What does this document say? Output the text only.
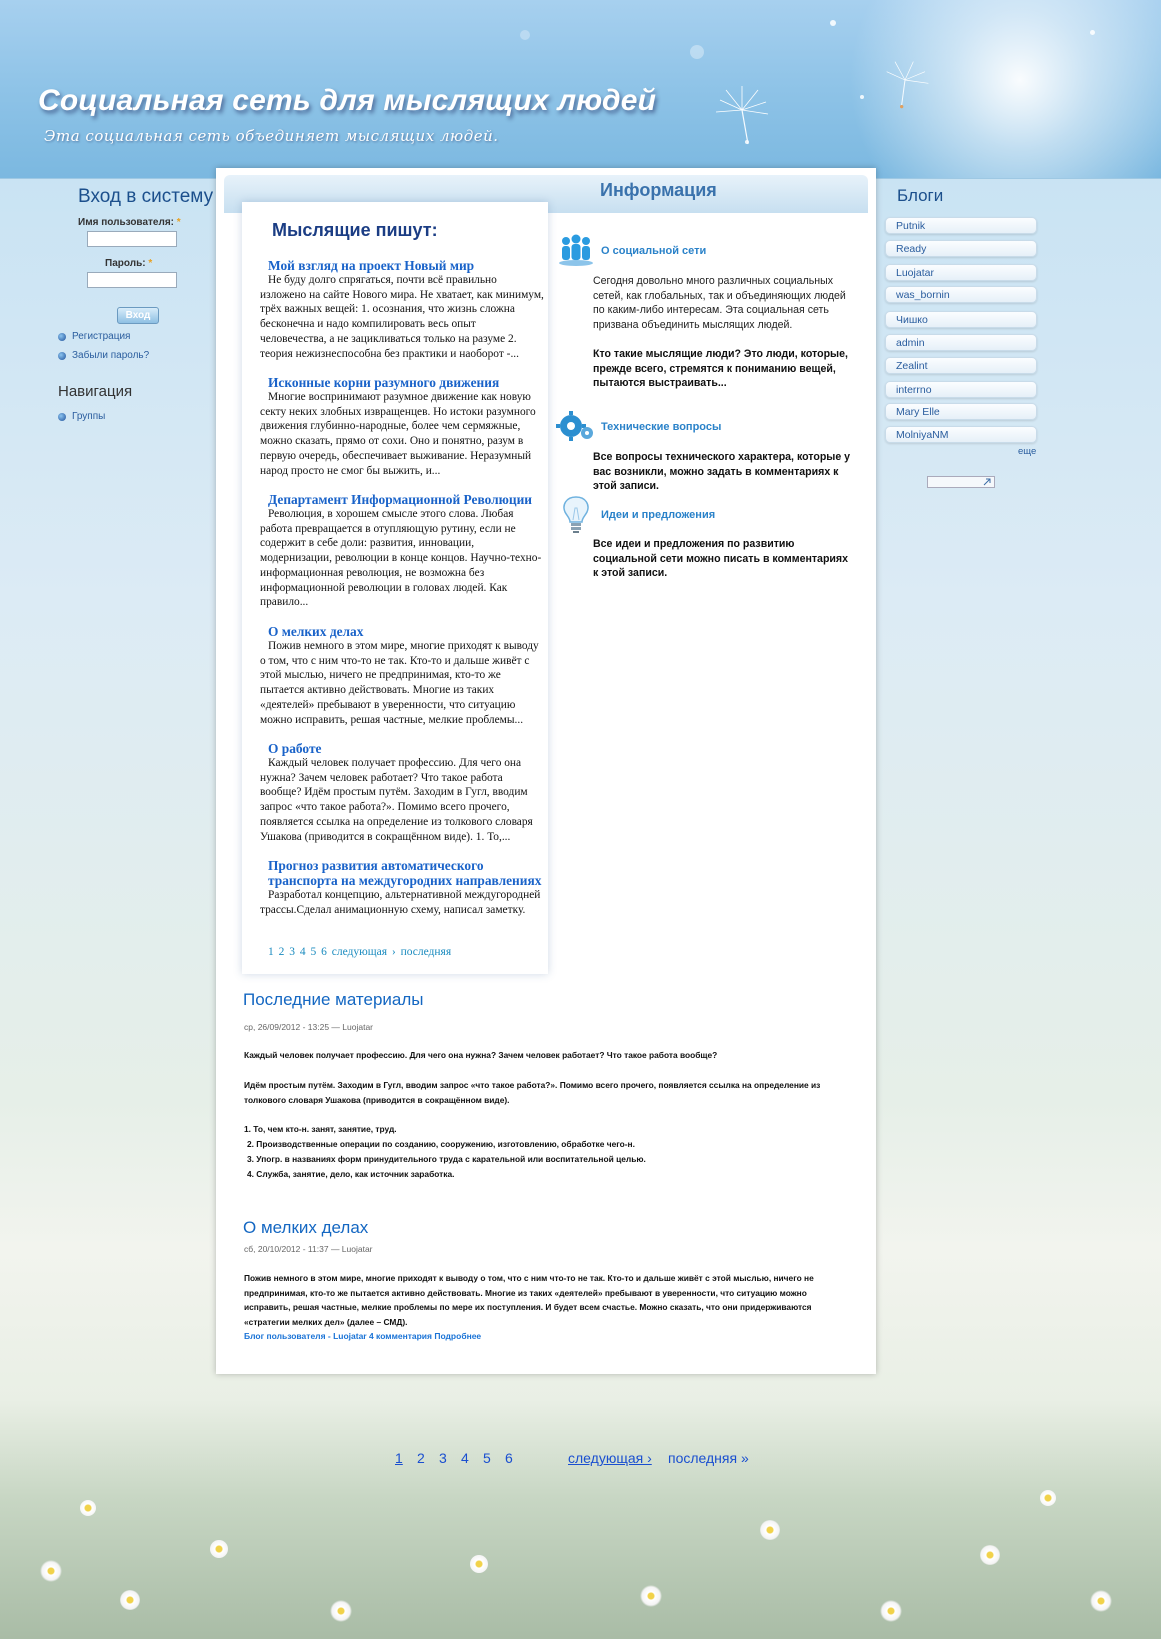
Социальная сеть для мыслящих людей
Эта социальная сеть объединяет мыслящих людей.
Вход в систему
Имя пользователя: *
Пароль: *
Вход
Регистрация
Забыли пароль?
Навигация
Группы
Информация
Мыслящие пишут:
Мой взгляд на проект Новый мир
Не буду долго спрягаться, почти всё правильно изложено на сайте Нового мира. Не хватает, как минимум, трёх важных вещей: 1. осознания, что жизнь сложна бесконечна и надо компилировать весь опыт человечества, а не зацикливаться только на разуме 2. теория нежизнеспособна без практики и наоборот -...
Исконные корни разумного движения
Многие воспринимают разумное движение как новую секту неких злобных извращенцев. Но истоки разумного движения глубинно-народные, более чем сермяжные, можно сказать, прямо от сохи. Оно и понятно, разум в первую очередь, обеспечивает выживание. Неразумный народ просто не смог бы выжить, и...
Департамент Информационной Революции
Революция, в хорошем смысле этого слова. Любая работа превращается в отупляющую рутину, если не содержит в себе доли: развития, инновации, модернизации, революции в конце концов. Научно-техно-информационная революция, не возможна без информационной революции в головах людей. Как правило...
О мелких делах
Пожив немного в этом мире, многие приходят к выводу о том, что с ним что-то не так. Кто-то и дальше живёт с этой мыслью, ничего не предпринимая, кто-то же пытается активно действовать. Многие из таких «деятелей» пребывают в уверенности, что ситуацию можно исправить, решая частные, мелкие проблемы...
О работе
Каждый человек получает профессию. Для чего она нужна? Зачем человек работает? Что такое работа вообще? Идём простым путём. Заходим в Гугл, вводим запрос «что такое работа?». Помимо всего прочего, появляется ссылка на определение из толкового словаря Ушакова (приводится в сокращённом виде). 1. То,...
Прогноз развития автоматического транспорта на междугородних направлениях
Разработал концепцию, альтернативной междугородней трассы.Сделал анимационную схему, написал заметку.
1 2 3 4 5 6 следующая › последняя
О социальной сети
Сегодня довольно много различных социальных сетей, как глобальных, так и объединяющих людей по каким-либо интересам. Эта социальная сеть призвана объединить мыслящих людей.
Кто такие мыслящие люди? Это люди, которые, прежде всего, стремятся к пониманию вещей, пытаются выстраивать...
Технические вопросы
Все вопросы технического характера, которые у вас возникли, можно задать в комментариях к этой записи.
Идеи и предложения
Все идеи и предложения по развитию социальной сети можно писать в комментариях к этой записи.
Последние материалы
ср, 26/09/2012 - 13:25 — Luojatar
Каждый человек получает профессию. Для чего она нужна? Зачем человек работает? Что такое работа вообще?
Идём простым путём. Заходим в Гугл, вводим запрос «что такое работа?». Помимо всего прочего, появляется ссылка на определение из толкового словаря Ушакова (приводится в сокращённом виде).
1. То, чем кто-н. занят, занятие, труд.
2. Производственные операции по созданию, сооружению, изготовлению, обработке чего-н.
3. Упогр. в названиях форм принудительного труда с карательной или воспитательной целью.
4. Служба, занятие, дело, как источник заработка.
О мелких делах
сб, 20/10/2012 - 11:37 — Luojatar
Пожив немного в этом мире, многие приходят к выводу о том, что с ним что-то не так. Кто-то и дальше живёт с этой мыслью, ничего не предпринимая, кто-то же пытается активно действовать. Многие из таких «деятелей» пребывают в уверенности, что ситуацию можно исправить, решая частные, мелкие проблемы по мере их поступления. И будет всем счастье. Можно сказать, что они придерживаются «стратегии мелких дел» (далее – СМД).
Блог пользователя - Luojatar 4 комментария Подробнее
Блоги
Putnik
Ready
Luojatar
was_bornin
Чишко
admin
Zealint
interrno
Mary Elle
MolniyaNM
еще
1 2 3 4 5 6	следующая › последняя »
